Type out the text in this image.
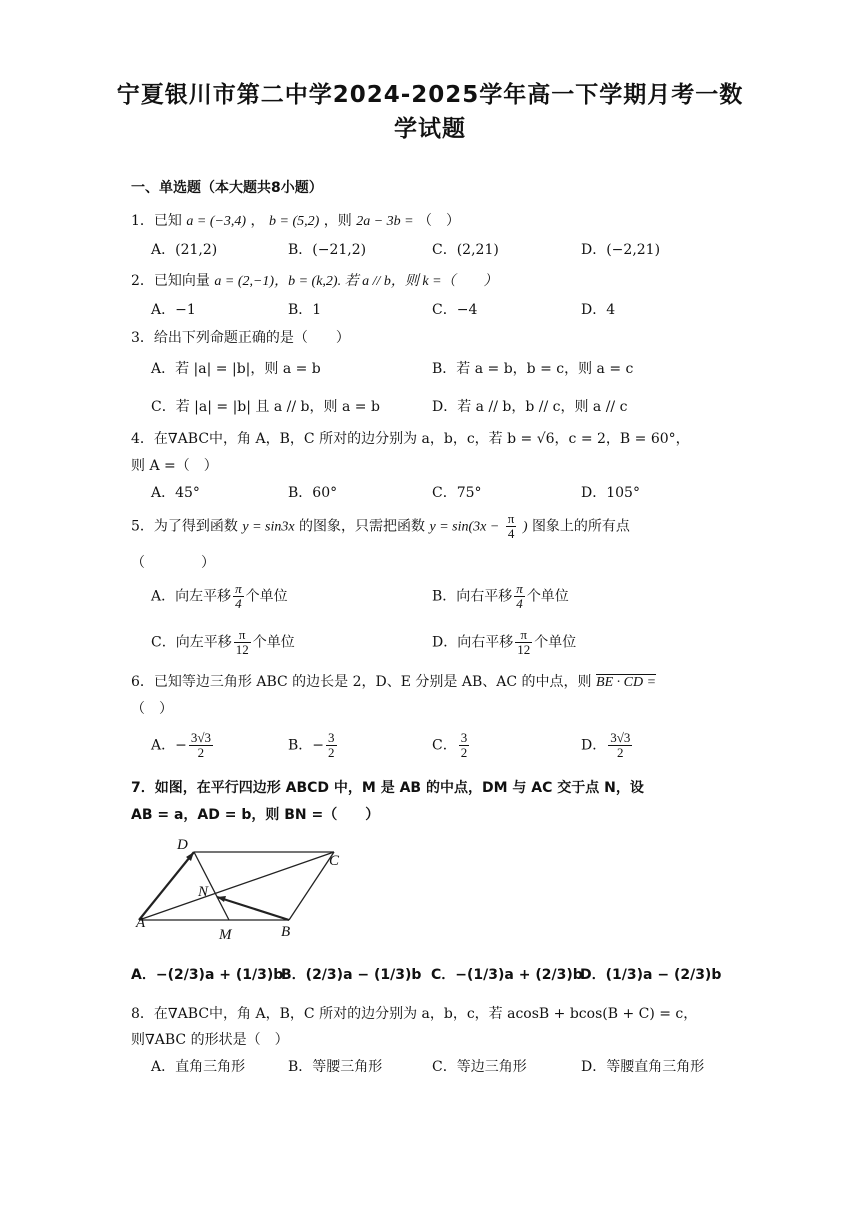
宁夏银川市第二中学2024-2025学年高一下学期月考一数
学试题
一、单选题（本大题共8小题）
1．已知 a = (−3,4) ， b = (5,2) ，则 2a − 3b = （　）
A．(21,2)	B．(−21,2)	C．(2,21)	D．(−2,21)
2．已知向量 a = (2,−1)，b = (k,2). 若 a // b，则 k =（　　）
A．−1	B．1	C．−4	D．4
3．给出下列命题正确的是（　　）
A．若 |a| = |b|，则 a = b	B．若 a = b，b = c，则 a = c
C．若 |a| = |b| 且 a // b，则 a = b	D．若 a // b，b // c，则 a // c
4．在∇ABC中，角 A，B，C 所对的边分别为 a，b，c，若 b = √6，c = 2，B = 60°，
则 A =（　）
A．45°	B．60°	C．75°	D．105°
5．为了得到函数 y = sin3x 的图象，只需把函数 $y = \sin(3x - \frac{\pi}{4}$ ) 图象上的所有点
（　　　　）
A．向左平移 $\frac{\pi}{4}$ 个单位	B．向右平移 $\frac{\pi}{4}$ 个单位
C．向左平移 $\frac{\pi}{12}$ 个单位	D．向右平移 $\frac{\pi}{12}$ 个单位
6．已知等边三角形 ABC 的边长是 2，D、E 分别是 AB、AC 的中点，则 BE · CD =
（　）
A．− $\frac{3√3}{2}$	B．− $\frac{3}{2}$	C． $\frac{3}{2}$	D． $\frac{3√3}{2}$
7．如图，在平行四边形 ABCD 中，M 是 AB 的中点，DM 与 AC 交于点 N，设
AB = a，AD = b，则 BN =（　　）
D
C
N
A
M	B
A．−(2/3)a + (1/3)b
B．(2/3)a − (1/3)b C．−(1/3)a + (2/3)b
D．(1/3)a − (2/3)b
8．在∇ABC中，角 A，B，C 所对的边分别为 a，b，c，若 acosB + bcos(B + C) = c，
则∇ABC 的形状是（　）
A．直角三角形	B．等腰三角形	C．等边三角形	D．等腰直角三角形
